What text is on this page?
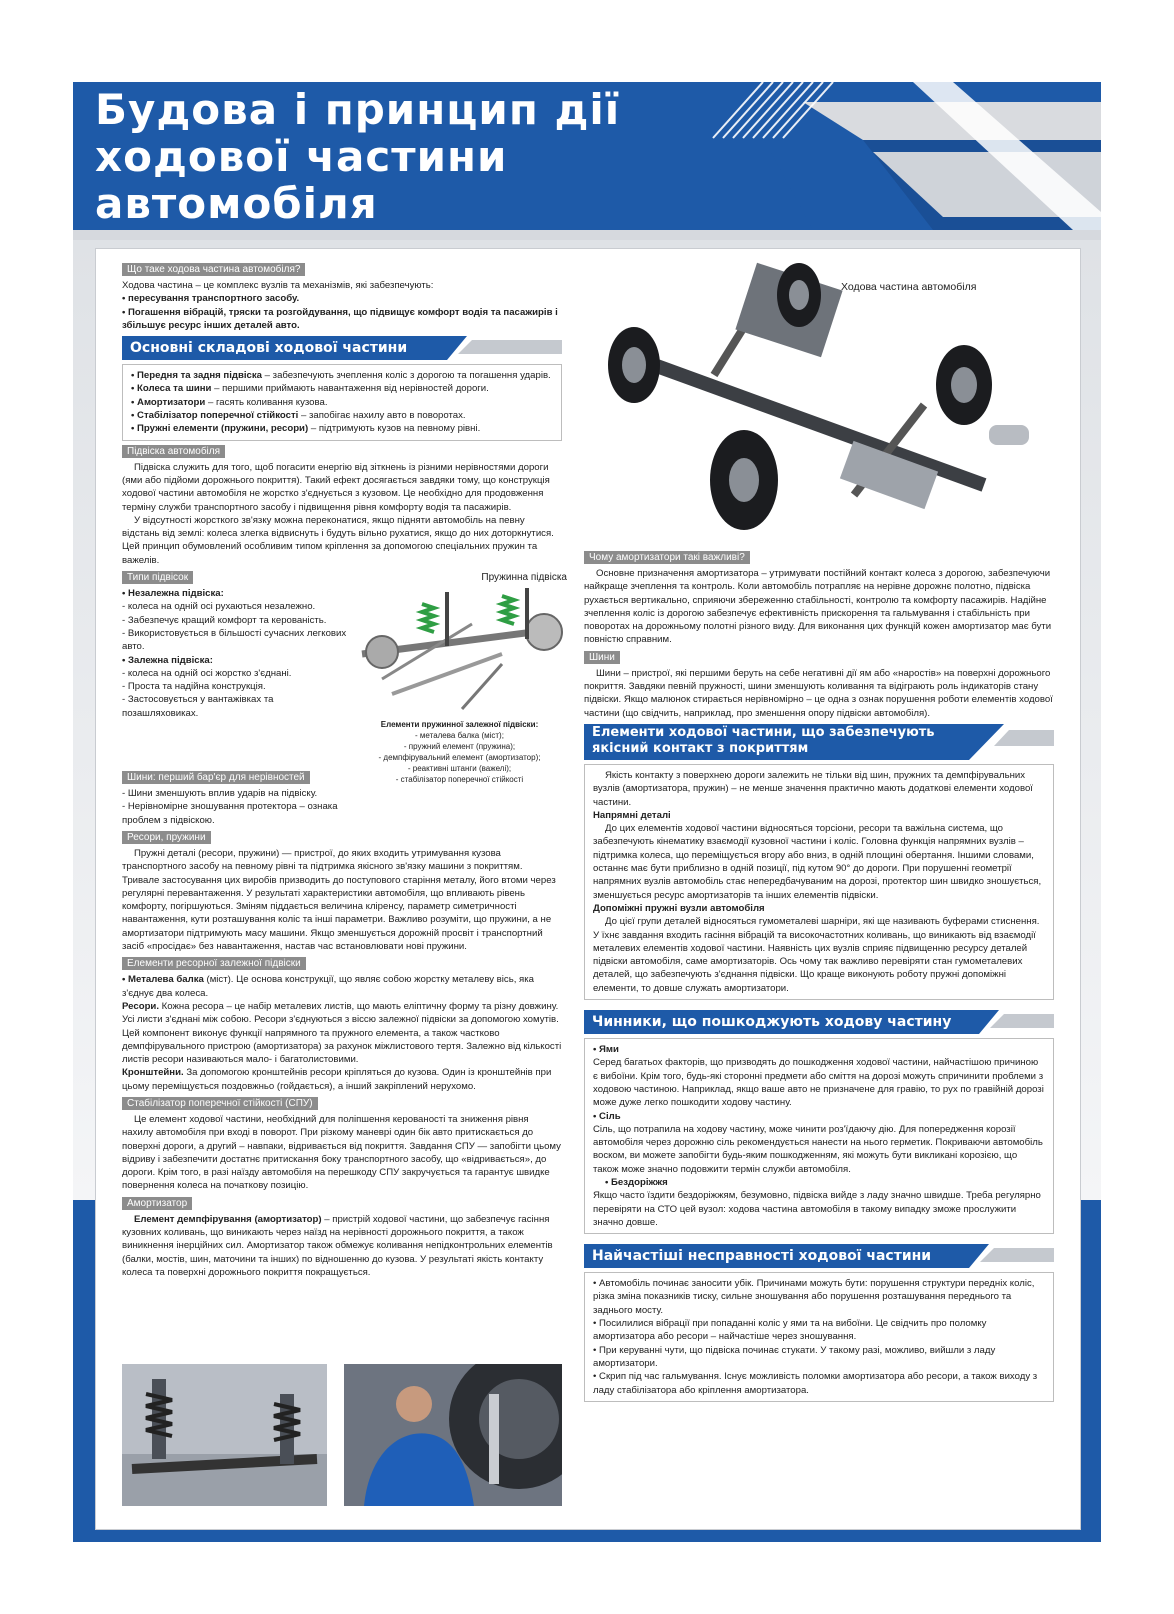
Будова і принцип дії
ходової частини
автомобіля
Що таке ходова частина автомобіля?

Ходова частина – це комплекс вузлів та механізмів, які забезпечують:

• пересування транспортного засобу.

• Погашення вібрацій, тряски та розгойдування, що підвищує комфорт водія та пасажирів і збільшує ресурс інших деталей авто.

Основні складові ходової частини
• Передня та задня підвіска – забезпечують зчеплення коліс з дорогою та погашення ударів.
• Колеса та шини – першими приймають навантаження від нерівностей дороги.
• Амортизатори – гасять коливання кузова.
• Стабілізатор поперечної стійкості – запобігає нахилу авто в поворотах.
• Пружні елементи (пружини, ресори) – підтримують кузов на певному рівні.
Підвіска автомобіля

Підвіска служить для того, щоб погасити енергію від зіткнень із різними нерівностями дороги (ями або підйоми дорожнього покриття). Такий ефект досягається завдяки тому, що конструкція ходової частини автомобіля не жорстко з'єднується з кузовом. Це необхідно для продовження терміну служби транспортного засобу і підвищення рівня комфорту водія та пасажирів.

У відсутності жорсткого зв'язку можна переконатися, якщо підняти автомобіль на певну відстань від землі: колеса злегка відвиснуть і будуть вільно рухатися, якщо до них доторкнутися. Цей принцип обумовлений особливим типом кріплення за допомогою спеціальних пружин та важелів.

Типи підвісок

• Незалежна підвіска:

- колеса на одній осі рухаються незалежно.

- Забезпечує кращий комфорт та керованість.

- Використовується в більшості сучасних легкових авто.

• Залежна підвіска:

- колеса на одній осі жорстко з'єднані.

- Проста та надійна конструкція.

- Застосовується у вантажівках та позашляховиках.

Пружинна підвіска
Елементи пружинної залежної підвіски:
- металева балка (міст);
- пружний елемент (пружина);
- демпфірувальний елемент (амортизатор);
- реактивні штанги (важелі);
- стабілізатор поперечної стійкості
Шини: перший бар'єр для нерівностей

- Шини зменшують вплив ударів на підвіску.

- Нерівномірне зношування протектора – ознака проблем з підвіскою.

Ресори, пружини

Пружні деталі (ресори, пружини) — пристрої, до яких входить утримування кузова транспортного засобу на певному рівні та підтримка якісного зв'язку машини з покриттям. Тривале застосування цих виробів призводить до поступового старіння металу, його втоми через регулярні перевантаження. У результаті характеристики автомобіля, що впливають рівень комфорту, погіршуються. Зміням піддається величина кліренсу, параметр симетричності навантаження, кути розташування коліс та інші параметри. Важливо розуміти, що пружини, а не амортизатори підтримують масу машини. Якщо зменшується дорожній просвіт і транспортний засіб «просідає» без навантаження, настав час встановлювати нові пружини.

Елементи ресорної залежної підвіски

• Металева балка (міст). Це основа конструкції, що являє собою жорстку металеву вісь, яка з'єднує два колеса.

Ресори. Кожна ресора – це набір металевих листів, що мають еліптичну форму та різну довжину. Усі листи з'єднані між собою. Ресори з'єднуються з віссю залежної підвіски за допомогою хомутів. Цей компонент виконує функції напрямного та пружного елемента, а також частково демпфірувального пристрою (амортизатора) за рахунок міжлистового тертя. Залежно від кількості листів ресори називаються мало- і багатолистовими.

Кронштейни. За допомогою кронштейнів ресори кріпляться до кузова. Один із кронштейнів при цьому переміщується поздовжньо (гойдається), а інший закріплений нерухомо.

Стабілізатор поперечної стійкості (СПУ)

Це елемент ходової частини, необхідний для поліпшення керованості та зниження рівня нахилу автомобіля при вході в поворот. При різкому маневрі один бік авто притискається до поверхні дороги, а другий – навпаки, відривається від покриття. Завдання СПУ — запобігти цьому відриву і забезпечити достатнє притискання боку транспортного засобу, що «відривається», до дороги. Крім того, в разі наїзду автомобіля на перешкоду СПУ закручується та гарантує швидке повернення колеса на початкову позицію.

Амортизатор

Елемент демпфірування (амортизатор) – пристрій ходової частини, що забезпечує гасіння кузовних коливань, що виникають через наїзд на нерівності дорожнього покриття, а також виникнення інерційних сил. Амортизатор також обмежує коливання непідконтрольних елементів (балки, мостів, шин, маточини та інших) по відношенню до кузова. У результаті якість контакту колеса та поверхні дорожнього покриття покращується.

Ходова частина автомобіля
Чому амортизатори такі важливі?

Основне призначення амортизатора – утримувати постійний контакт колеса з дорогою, забезпечуючи найкраще зчеплення та контроль. Коли автомобіль потрапляє на нерівне дорожнє полотно, підвіска рухається вертикально, сприяючи збереженню стабільності, контролю та комфорту пасажирів. Надійне зчеплення коліс із дорогою забезпечує ефективність прискорення та гальмування і стабільність при поворотах на дорожньому полотні різного виду. Для виконання цих функцій кожен амортизатор має бути повністю справним.

Шини

Шини – пристрої, які першими беруть на себе негативні дії ям або «наростів» на поверхні дорожнього покриття. Завдяки певній пружності, шини зменшують коливання та відіграють роль індикаторів стану підвіски. Якщо малюнок стирається нерівномірно – це одна з ознак порушення роботи елементів ходової частини (що свідчить, наприклад, про зменшення опору підвіски автомобіля).

Елементи ходової частини, що забезпечують якісний контакт з покриттям

Якість контакту з поверхнею дороги залежить не тільки від шин, пружних та демпфірувальних вузлів (амортизатора, пружин) – не менше значення практично мають додаткові елементи ходової частини.

Напрямні деталі

До цих елементів ходової частини відносяться торсіони, ресори та важільна система, що забезпечують кінематику взаємодії кузовної частини і коліс. Головна функція напрямних вузлів – підтримка колеса, що переміщується вгору або вниз, в одній площині обертання. Іншими словами, останнє має бути приблизно в одній позиції, під кутом 90° до дороги. При порушенні геометрії напрямних вузлів автомобіль стає непередбачуваним на дорозі, протектор шин швидко зношується, зменшується ресурс амортизаторів та інших елементів підвіски.

Допоміжні пружні вузли автомобіля

До цієї групи деталей відносяться гумометалеві шарніри, які ще називають буферами стиснення. У їхнє завдання входить гасіння вібрацій та високочастотних коливань, що виникають від взаємодії металевих елементів ходової частини. Наявність цих вузлів сприяє підвищенню ресурсу деталей підвіски автомобіля, саме амортизаторів. Ось чому так важливо перевіряти стан гумометалевих деталей, що забезпечують з'єднання підвіски. Що краще виконують роботу пружні допоміжні елементи, то довше служать амортизатори.

Чинники, що пошкоджують ходову частину

• Ями

Серед багатьох факторів, що призводять до пошкодження ходової частини, найчастішою причиною є вибоїни. Крім того, будь-які сторонні предмети або сміття на дорозі можуть спричинити проблеми з ходовою частиною. Наприклад, якщо ваше авто не призначене для гравію, то рух по гравійній дорозі може дуже легко пошкодити ходову частину.

• Сіль

Сіль, що потрапила на ходову частину, може чинити роз'їдаючу дію. Для попередження корозії автомобіля через дорожню сіль рекомендується нанести на нього герметик. Покриваючи автомобіль воском, ви можете запобігти будь-яким пошкодженням, які можуть бути викликані корозією, що також може значно подовжити термін служби автомобіля.

• Бездоріжжя

Якщо часто їздити бездоріжжям, безумовно, підвіска вийде з ладу значно швидше. Треба регулярно перевіряти на СТО цей вузол: ходова частина автомобіля в такому випадку зможе прослужити значно довше.

Найчастіші несправності ходової частини

• Автомобіль починає заносити убік. Причинами можуть бути: порушення структури передніх коліс, різка зміна показників тиску, сильне зношування або порушення розташування переднього та заднього мосту.

• Посилилися вібрації при попаданні коліс у ями та на вибоїни. Це свідчить про поломку амортизатора або ресори – найчастіше через зношування.

• При керуванні чути, що підвіска починає стукати. У такому разі, можливо, вийшли з ладу амортизатори.

• Скрип під час гальмування. Існує можливість поломки амортизатора або ресори, а також виходу з ладу стабілізатора або кріплення амортизатора.
